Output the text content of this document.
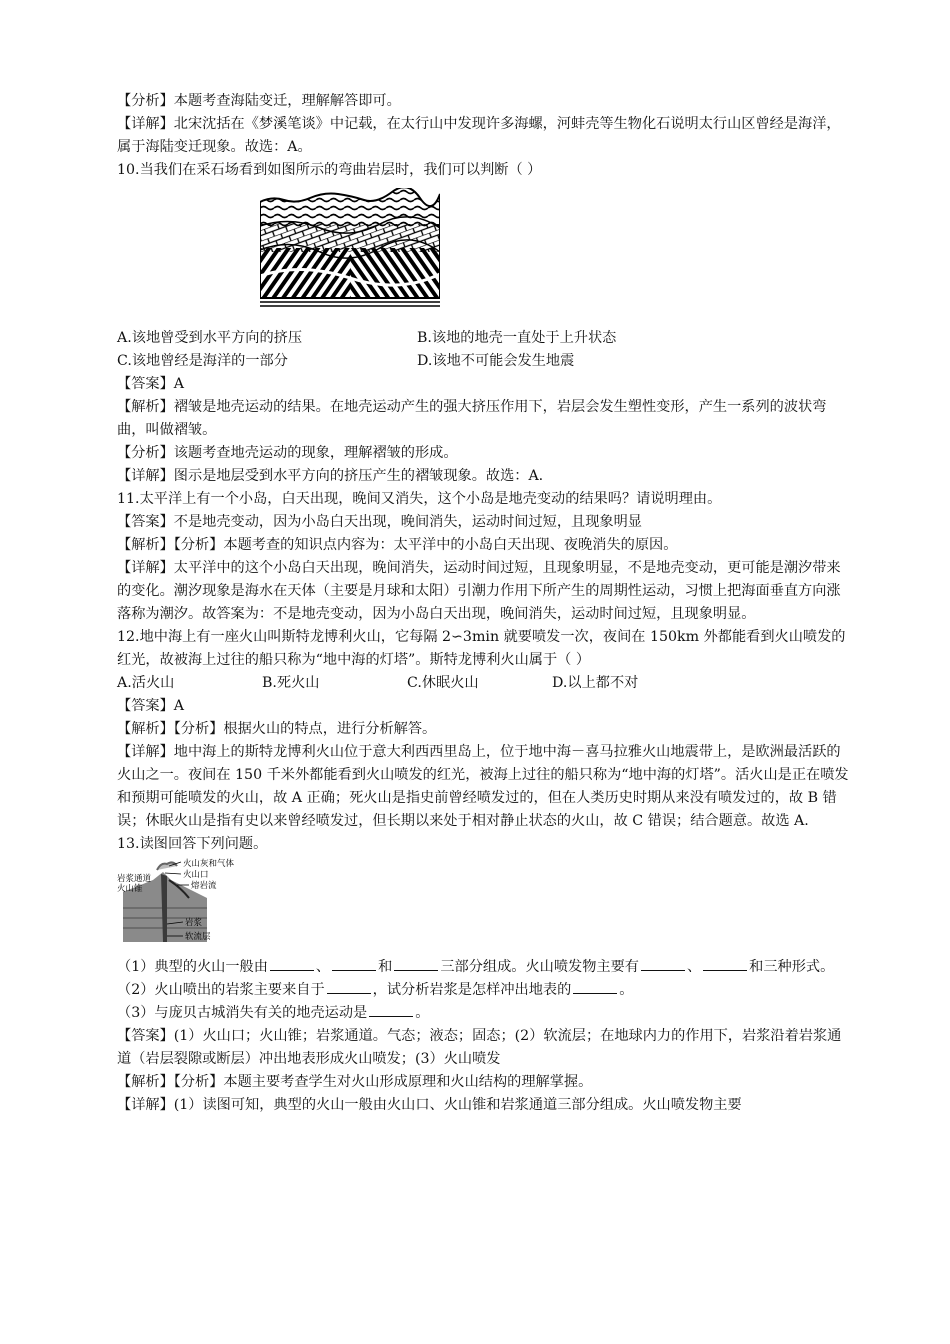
【分析】本题考查海陆变迁，理解解答即可。

【详解】北宋沈括在《梦溪笔谈》中记载，在太行山中发现许多海螺，河蚌壳等生物化石说明太行山区曾经是海洋，属于海陆变迁现象。故选：A。

10.当我们在采石场看到如图所示的弯曲岩层时，我们可以判断（ ）

A.该地曾受到水平方向的挤压	B.该地的地壳一直处于上升状态
C.该地曾经是海洋的一部分	D.该地不可能会发生地震

【答案】A

【解析】褶皱是地壳运动的结果。在地壳运动产生的强大挤压作用下，岩层会发生塑性变形，产生一系列的波状弯曲，叫做褶皱。

【分析】该题考查地壳运动的现象，理解褶皱的形成。

【详解】图示是地层受到水平方向的挤压产生的褶皱现象。故选：A.

11.太平洋上有一个小岛，白天出现，晚间又消失，这个小岛是地壳变动的结果吗？请说明理由。

【答案】不是地壳变动，因为小岛白天出现，晚间消失，运动时间过短，且现象明显

【解析】【分析】本题考查的知识点内容为：太平洋中的小岛白天出现、夜晚消失的原因。

【详解】太平洋中的这个小岛白天出现，晚间消失，运动时间过短，且现象明显，不是地壳变动，更可能是潮汐带来的变化。潮汐现象是海水在天体（主要是月球和太阳）引潮力作用下所产生的周期性运动，习惯上把海面垂直方向涨落称为潮汐。故答案为：不是地壳变动，因为小岛白天出现，晚间消失，运动时间过短，且现象明显。

12.地中海上有一座火山叫斯特龙博利火山，它每隔 2∽3min 就要喷发一次，夜间在 150km 外都能看到火山喷发的红光，故被海上过往的船只称为“地中海的灯塔”。斯特龙博利火山属于（ ）

A.活火山	B.死火山	C.休眠火山	D.以上都不对

【答案】A

【解析】【分析】根据火山的特点，进行分析解答。

【详解】地中海上的斯特龙博利火山位于意大利西西里岛上，位于地中海－喜马拉雅火山地震带上，是欧洲最活跃的火山之一。夜间在 150 千米外都能看到火山喷发的红光，被海上过往的船只称为“地中海的灯塔”。活火山是正在喷发和预期可能喷发的火山，故 A 正确；死火山是指史前曾经喷发过的，但在人类历史时期从来没有喷发过的，故 B 错误；休眠火山是指有史以来曾经喷发过，但长期以来处于相对静止状态的火山，故 C 错误；结合题意。故选 A.

13.读图回答下列问题。

火山灰和气体
火山口
岩浆通道
熔岩流
火山锥
岩浆
软流层

（1）典型的火山一般由	、	和	三部分组成。火山喷发物主要有	、	和三种形式。

（2）火山喷出的岩浆主要来自于	，试分析岩浆是怎样冲出地表的	。

（3）与庞贝古城消失有关的地壳运动是	。

【答案】(1）火山口；火山锥；岩浆通道。气态；液态；固态；(2）软流层；在地球内力的作用下，岩浆沿着岩浆通道（岩层裂隙或断层）冲出地表形成火山喷发；(3）火山喷发

【解析】【分析】本题主要考查学生对火山形成原理和火山结构的理解掌握。

【详解】(1）读图可知，典型的火山一般由火山口、火山锥和岩浆通道三部分组成。火山喷发物主要
